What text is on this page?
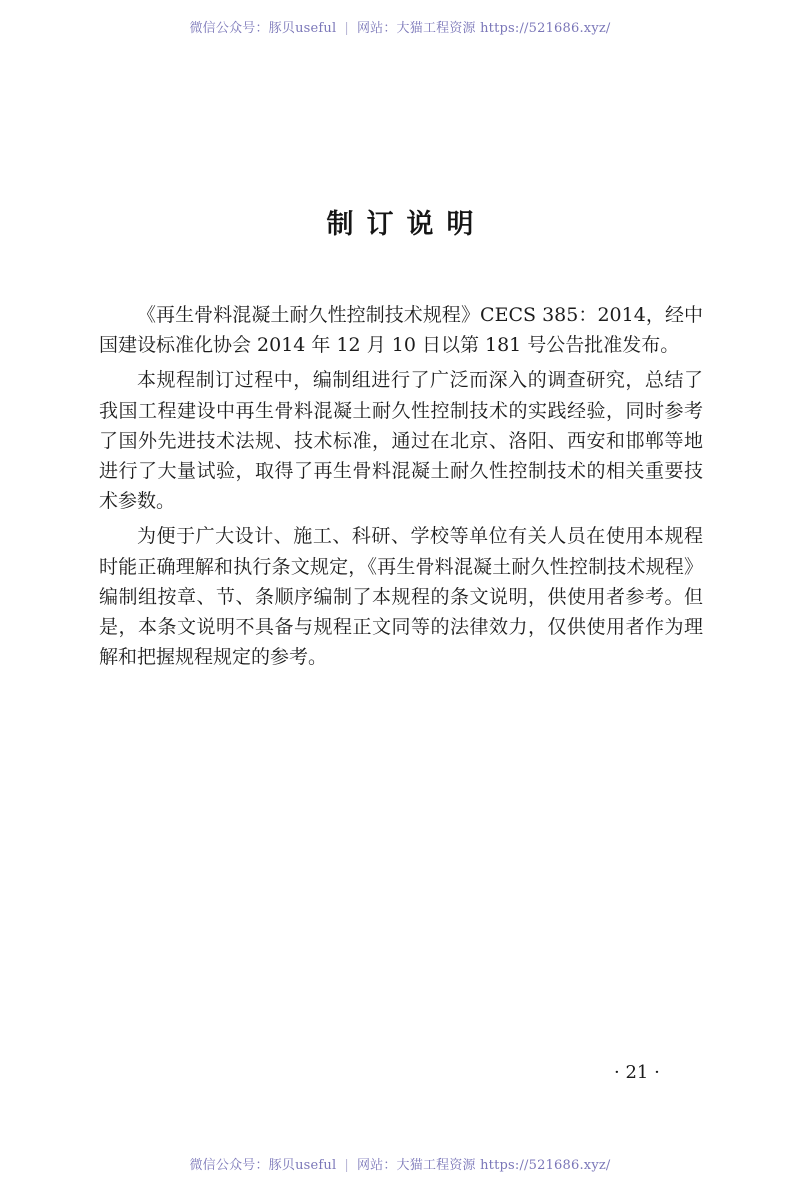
微信公众号：豚贝useful | 网站：大猫工程资源 https://521686.xyz/
制订说明

《再生骨料混凝土耐久性控制技术规程》CECS 385：2014，经中国建设标准化协会 2014 年 12 月 10 日以第 181 号公告批准发布。

本规程制订过程中，编制组进行了广泛而深入的调查研究，总结了我国工程建设中再生骨料混凝土耐久性控制技术的实践经验，同时参考了国外先进技术法规、技术标准，通过在北京、洛阳、西安和邯郸等地进行了大量试验，取得了再生骨料混凝土耐久性控制技术的相关重要技术参数。

为便于广大设计、施工、科研、学校等单位有关人员在使用本规程时能正确理解和执行条文规定，《再生骨料混凝土耐久性控制技术规程》编制组按章、节、条顺序编制了本规程的条文说明，供使用者参考。但是，本条文说明不具备与规程正文同等的法律效力，仅供使用者作为理解和把握规程规定的参考。

· 21 ·
微信公众号：豚贝useful | 网站：大猫工程资源 https://521686.xyz/
